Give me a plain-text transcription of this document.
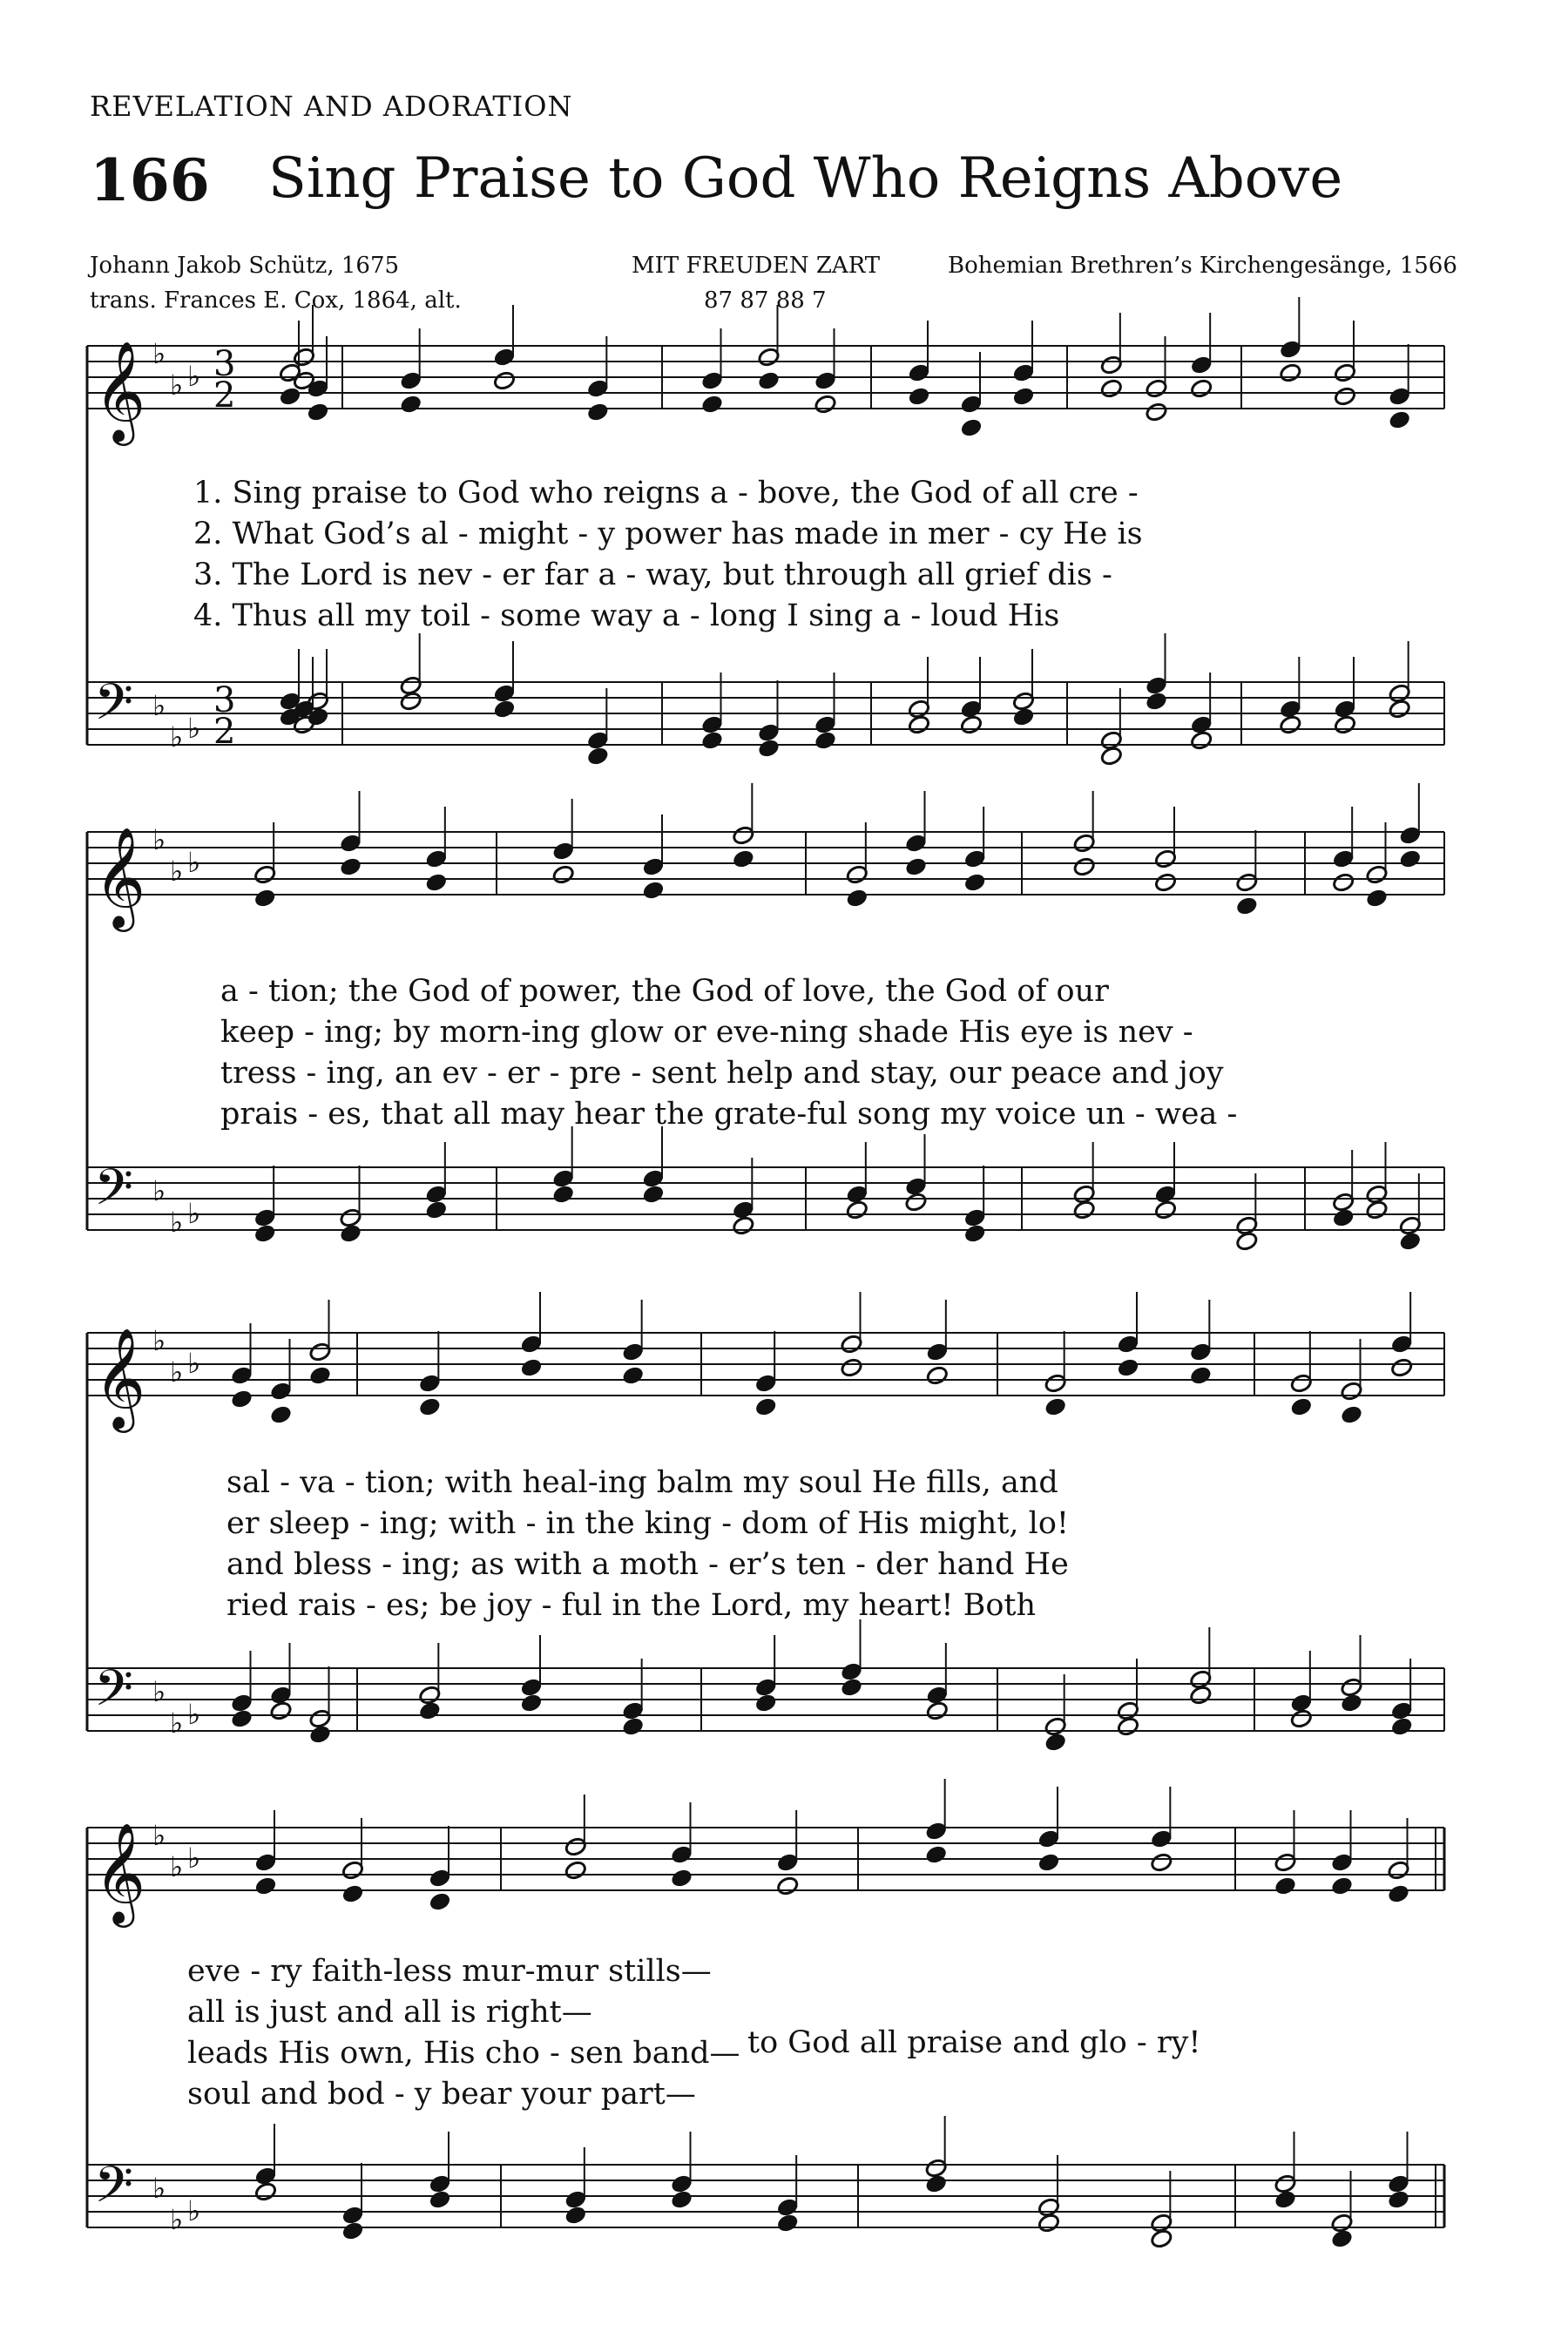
REVELATION AND ADORATION
166 Sing Praise to God Who Reigns Above
Johann Jakob Schütz, 1675
trans. Frances E. Cox, 1864, alt.
MIT FREUDEN ZART
87 87 88 7
Bohemian Brethren’s Kirchengesänge, 1566
𝄞
𝄢
♭
♭
♭
♭
♭
♭
3
2
3
2
𝄞
𝄢
♭
♭
♭
♭
♭
♭
𝄞
𝄢
♭
♭
♭
♭
♭
♭
𝄞
𝄢
♭
♭
♭
♭
♭
♭
1. Sing praise to God who reigns a - bove, the God of all cre -
2. What God’s al - might - y power has made in mer - cy He is
3. The Lord is nev - er far a - way, but through all grief dis -
4. Thus all my toil - some way a - long I sing a - loud His
a - tion; the God of power, the God of love, the God of our
keep - ing; by morn-ing glow or eve-ning shade His eye is nev -
tress - ing, an ev - er - pre - sent help and stay, our peace and joy
prais - es, that all may hear the grate-ful song my voice un - wea -
sal - va - tion; with heal-ing balm my soul He fills, and
er sleep - ing; with - in the king - dom of His might, lo!
and bless - ing; as with a moth - er’s ten - der hand He
ried rais - es; be joy - ful in the Lord, my heart! Both
eve - ry faith-less mur-mur stills—
all is just and all is right—
leads His own, His cho - sen band—
soul and bod - y bear your part—
to God all praise and glo - ry!
